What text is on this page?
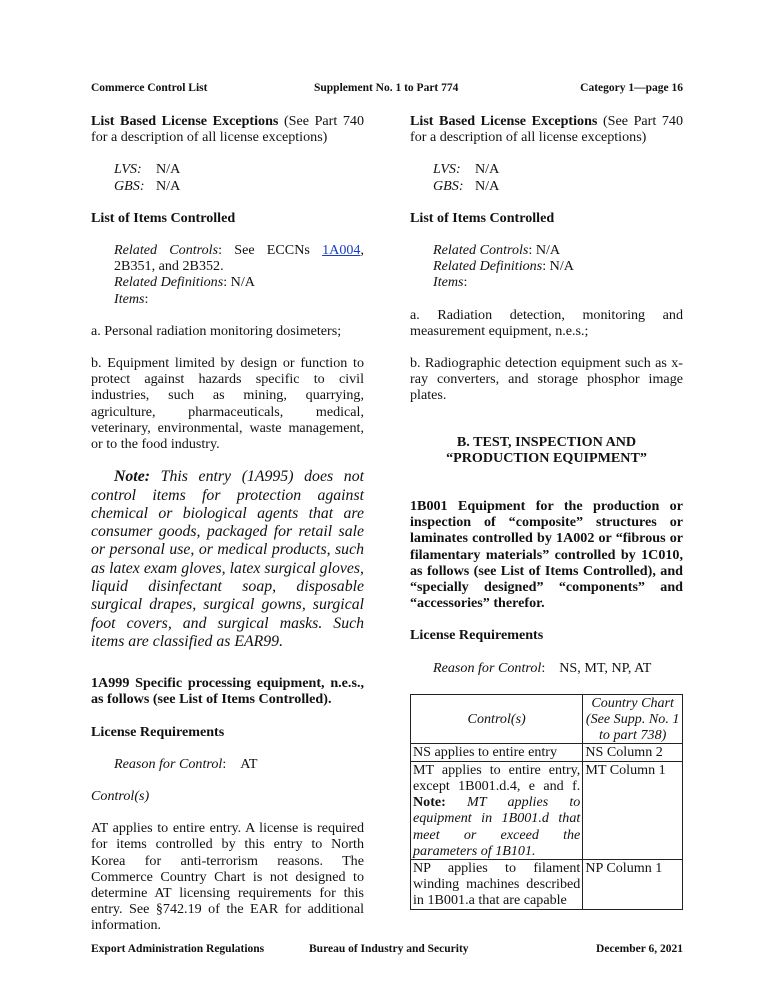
Commerce Control List	Supplement No. 1 to Part 774	Category 1—page 16

List Based License Exceptions (See Part 740 for a description of all license exceptions)

LVS:	N/A
GBS: N/A

List of Items Controlled

Related Controls: See ECCNs 1A004, 2B351, and 2B352.

Related Definitions: N/A

Items:

a. Personal radiation monitoring dosimeters;

b. Equipment limited by design or function to protect against hazards specific to civil industries, such as mining, quarrying, agriculture, pharmaceuticals, medical, veterinary, environmental, waste management, or to the food industry.

Note: This entry (1A995) does not control items for protection against chemical or biological agents that are consumer goods, packaged for retail sale or personal use, or medical products, such as latex exam gloves, latex surgical gloves, liquid disinfectant soap, disposable surgical drapes, surgical gowns, surgical foot covers, and surgical masks. Such items are classified as EAR99.

1A999 Specific processing equipment, n.e.s., as follows (see List of Items Controlled).

License Requirements

Reason for Control: AT

Control(s)

AT applies to entire entry. A license is required for items controlled by this entry to North Korea for anti-terrorism reasons. The Commerce Country Chart is not designed to determine AT licensing requirements for this entry. See §742.19 of the EAR for additional information.

List Based License Exceptions (See Part 740 for a description of all license exceptions)

LVS:	N/A
GBS: N/A

List of Items Controlled

Related Controls: N/A

Related Definitions: N/A

Items:

a. Radiation detection, monitoring and measurement equipment, n.e.s.;

b. Radiographic detection equipment such as x-ray converters, and storage phosphor image plates.

B. TEST, INSPECTION AND

“PRODUCTION EQUIPMENT”

1B001 Equipment for the production or inspection of “composite” structures or laminates controlled by 1A002 or “fibrous or filamentary materials” controlled by 1C010, as follows (see List of Items Controlled), and “specially designed” “components” and “accessories” therefor.

License Requirements

Reason for Control: NS, MT, NP, AT

Control(s)	Country Chart (See Supp. No. 1 to part 738)
NS applies to entire entry	NS Column 2
MT applies to entire entry, except 1B001.d.4, e and f. Note: MT applies to equipment in 1B001.d that meet or exceed the parameters of 1B101.	MT Column 1
NP applies to filament winding machines described in 1B001.a that are capable	NP Column 1
Export Administration Regulations	Bureau of Industry and Security	December 6, 2021
